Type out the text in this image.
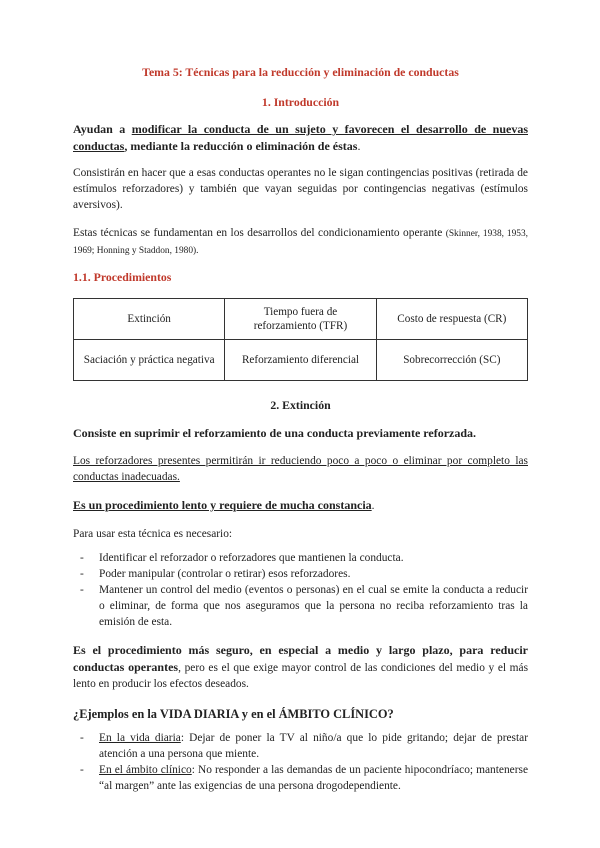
Tema 5: Técnicas para la reducción y eliminación de conductas
1. Introducción

Ayudan a modificar la conducta de un sujeto y favorecen el desarrollo de nuevas conductas, mediante la reducción o eliminación de éstas.

Consistirán en hacer que a esas conductas operantes no le sigan contingencias positivas (retirada de estímulos reforzadores) y también que vayan seguidas por contingencias negativas (estímulos aversivos).

Estas técnicas se fundamentan en los desarrollos del condicionamiento operante (Skinner, 1938, 1953, 1969; Honning y Staddon, 1980).

1.1. Procedimientos
Extinción	Tiempo fuera de reforzamiento (TFR)	Costo de respuesta (CR)
Saciación y práctica negativa	Reforzamiento diferencial	Sobrecorrección (SC)
2. Extinción

Consiste en suprimir el reforzamiento de una conducta previamente reforzada.

Los reforzadores presentes permitirán ir reduciendo poco a poco o eliminar por completo las conductas inadecuadas.

Es un procedimiento lento y requiere de mucha constancia.

Para usar esta técnica es necesario:

- Identificar el reforzador o reforzadores que mantienen la conducta.
- Poder manipular (controlar o retirar) esos reforzadores.
- Mantener un control del medio (eventos o personas) en el cual se emite la conducta a reducir o eliminar, de forma que nos aseguramos que la persona no reciba reforzamiento tras la emisión de esta.

Es el procedimiento más seguro, en especial a medio y largo plazo, para reducir conductas operantes, pero es el que exige mayor control de las condiciones del medio y el más lento en producir los efectos deseados.

¿Ejemplos en la VIDA DIARIA y en el ÁMBITO CLÍNICO?

- En la vida diaria: Dejar de poner la TV al niño/a que lo pide gritando; dejar de prestar atención a una persona que miente.
- En el ámbito clínico: No responder a las demandas de un paciente hipocondríaco; mantenerse “al margen” ante las exigencias de una persona drogodependiente.
